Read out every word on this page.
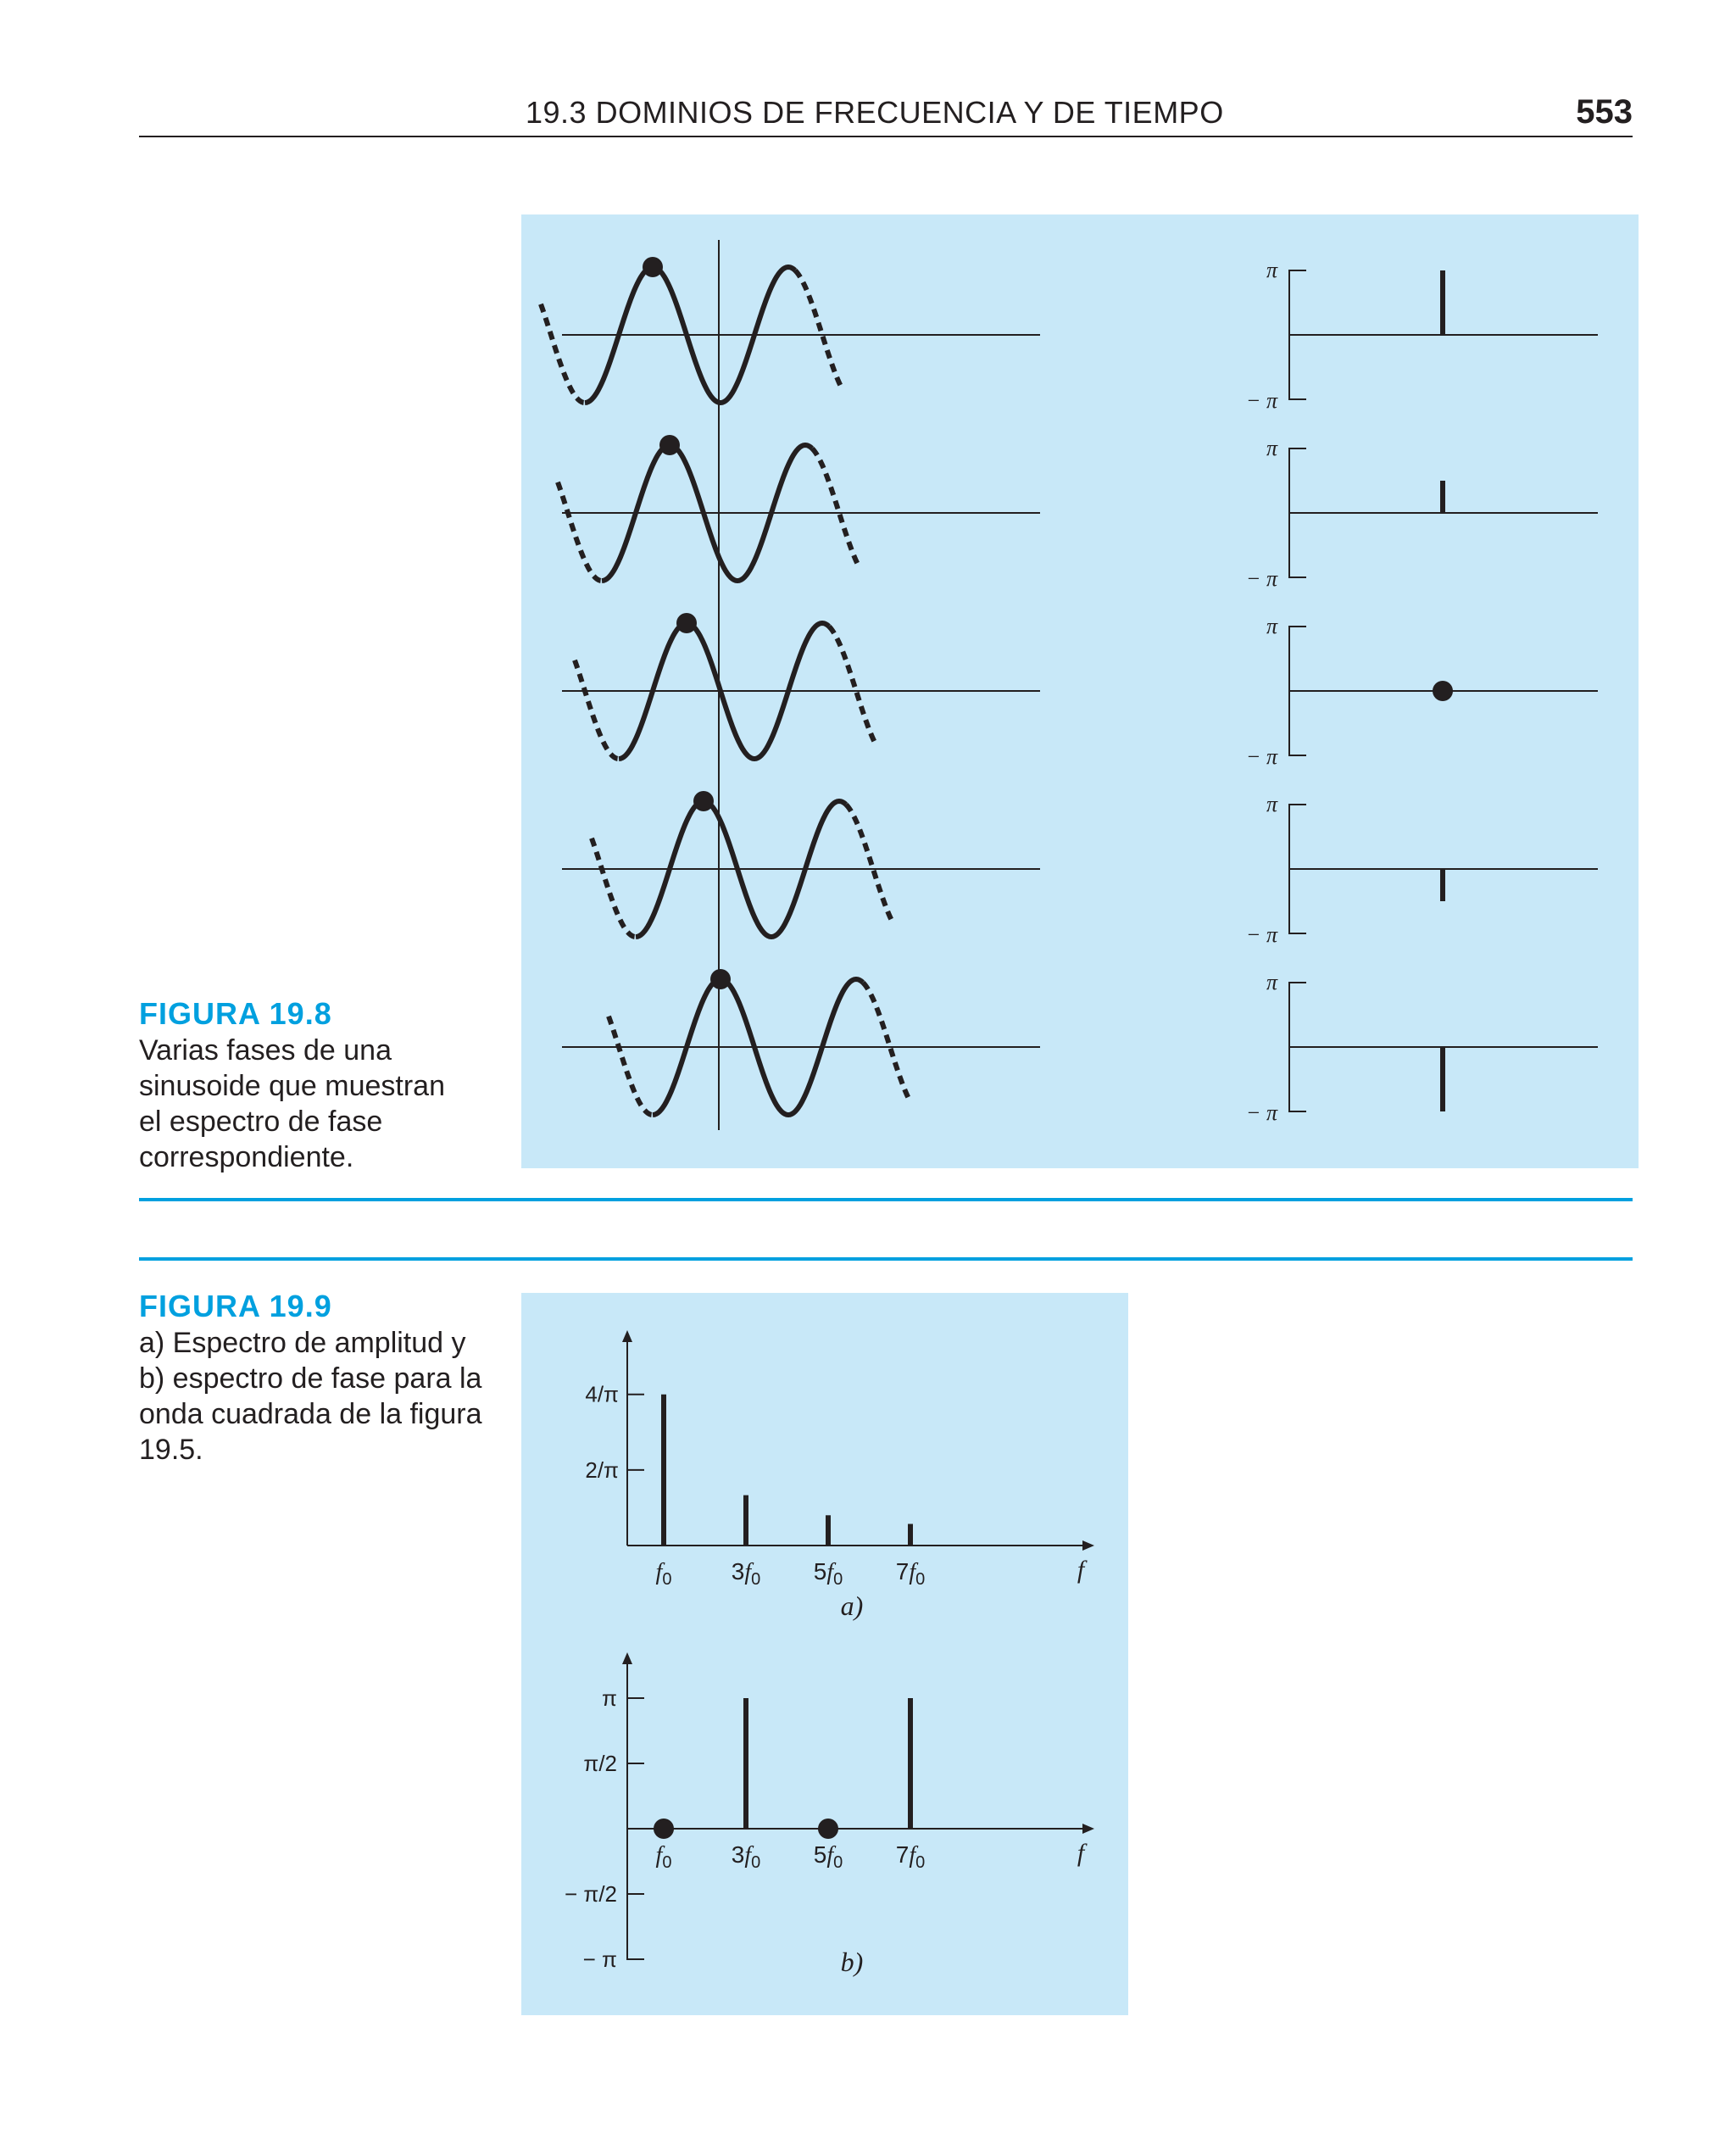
19.3 DOMINIOS DE FRECUENCIA Y DE TIEMPO	553
FIGURA 19.8
Varias fases de una
sinusoide que muestran
el espectro de fase
correspondiente.
π
− π
π
− π
π
− π
π
− π
π
− π
FIGURA 19.9
a) Espectro de amplitud y
b) espectro de fase para la
onda cuadrada de la figura
19.5.
4/π
2/π
$f_0$	$3f_0$ $5f_0$ $7f_0$	f
a)
π
π/2
− π/2
− π
$f_0$	$3f_0$ $5f_0$ $7f_0$	f
b)
